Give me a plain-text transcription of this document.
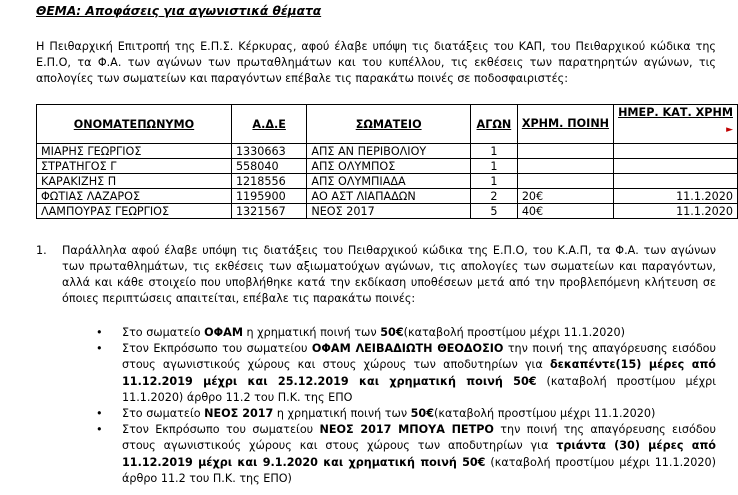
ΘΕΜΑ: Αποφάσεις για αγωνιστικά θέματα
Η Πειθαρχική Επιτροπή της Ε.Π.Σ. Κέρκυρας, αφού έλαβε υπόψη τις διατάξεις του ΚΑΠ, του Πειθαρχικού κώδικα της Ε.Π.Ο, τα Φ.Α. των αγώνων των πρωταθλημάτων και του κυπέλλου, τις εκθέσεις των παρατηρητών αγώνων, τις απολογίες των σωματείων και παραγόντων επέβαλε τις παρακάτω ποινές σε ποδοσφαιριστές:
ΟΝΟΜΑΤΕΠΩΝΥΜΟ	Α.Δ.Ε	ΣΩΜΑΤΕΙΟ	ΑΓΩΝ	ΧΡΗΜ. ΠΟΙΝΗ	ΗΜΕΡ. ΚΑΤ. ΧΡΗΜ
►

ΜΙΑΡΗΣ ΓΕΩΡΓΙΟΣ	1330663	ΑΠΣ ΑΝ ΠΕΡΙΒΟΛΙΟΥ	1		
ΣΤΡΑΤΗΓΟΣ Γ	558040	ΑΠΣ ΟΛΥΜΠΟΣ	1		
ΚΑΡΑΚΙΖΗΣ Π	1218556	ΑΠΣ ΟΛΥΜΠΙΑΔΑ	1		
ΦΩΤΙΑΣ ΛΑΖΑΡΟΣ	1195900	ΑΟ ΑΣΤ ΛΙΑΠΑΔΩΝ	2	20€	11.1.2020
ΛΑΜΠΟΥΡΑΣ ΓΕΩΡΓΙΟΣ	1321567	ΝΕΟΣ 2017	5	40€	11.1.2020
1. Παράλληλα αφού έλαβε υπόψη τις διατάξεις του Πειθαρχικού κώδικα της Ε.Π.Ο, του Κ.Α.Π, τα Φ.Α. των αγώνων των πρωταθλημάτων, τις εκθέσεις των αξιωματούχων αγώνων, τις απολογίες των σωματείων και παραγόντων, αλλά και κάθε στοιχείο που υποβλήθηκε κατά την εκδίκαση υποθέσεων μετά από την προβλεπόμενη κλήτευση σε όποιες περιπτώσεις απαιτείται, επέβαλε τις παρακάτω ποινές:
• Στο σωματείο ΟΦΑΜ η χρηματική ποινή των 50€(καταβολή προστίμου μέχρι 11.1.2020)
• Στον Εκπρόσωπο του σωματείου ΟΦΑΜ ΛΕΙΒΑΔΙΩΤΗ ΘΕΟΔΟΣΙΟ την ποινή της απαγόρευσης εισόδου στους αγωνιστικούς χώρους και στους χώρους των αποδυτηρίων για δεκαπέντε(15) μέρες από 11.12.2019 μέχρι και 25.12.2019 και χρηματική ποινή 50€ (καταβολή προστίμου μέχρι 11.1.2020) άρθρο 11.2 του Π.Κ. της ΕΠΟ
• Στο σωματείο ΝΕΟΣ 2017 η χρηματική ποινή των 50€(καταβολή προστίμου μέχρι 11.1.2020)
• Στον Εκπρόσωπο του σωματείου ΝΕΟΣ 2017 ΜΠΟΥΑ ΠΕΤΡΟ την ποινή της απαγόρευσης εισόδου στους αγωνιστικούς χώρους και στους χώρους των αποδυτηρίων για τριάντα (30) μέρες από 11.12.2019 μέχρι και 9.1.2020 και χρηματική ποινή 50€ (καταβολή προστίμου μέχρι 11.1.2020) άρθρο 11.2 του Π.Κ. της ΕΠΟ)
